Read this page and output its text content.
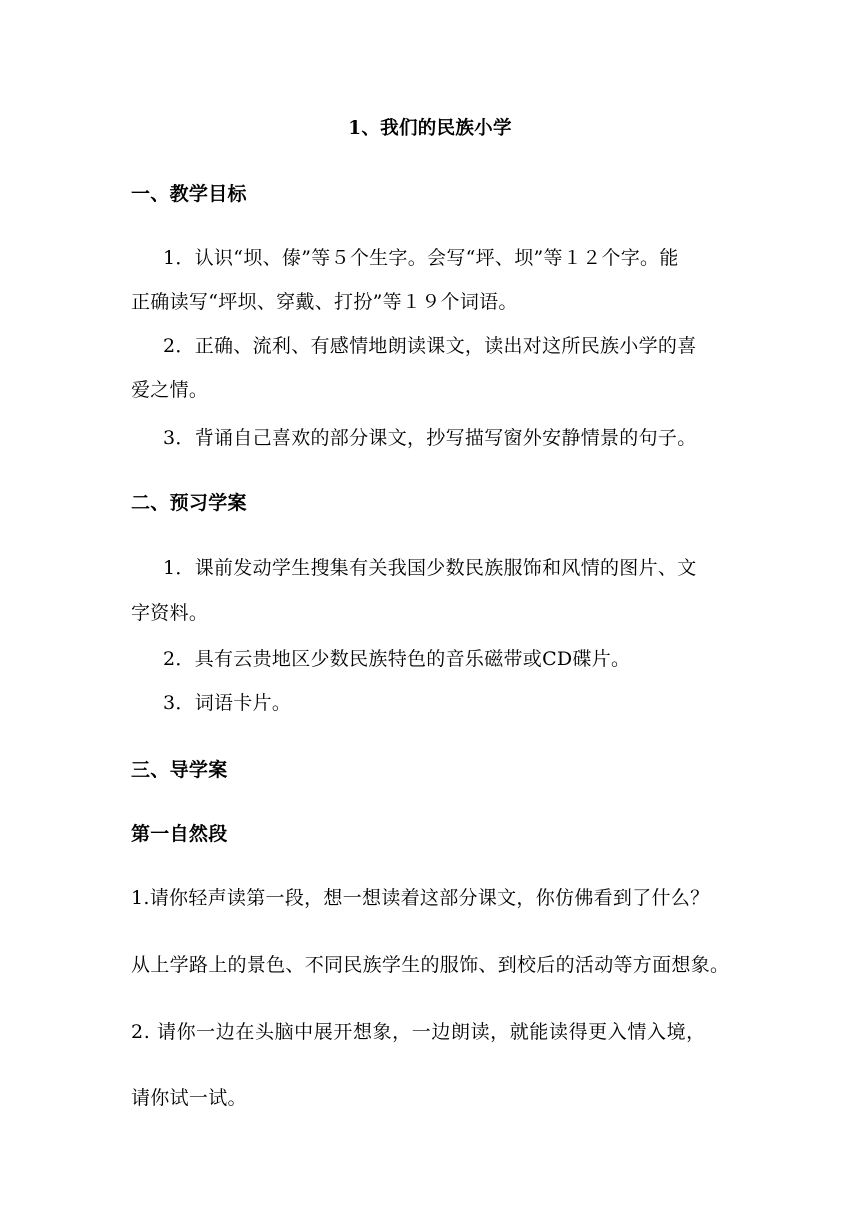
1、我们的民族小学
一、教学目标
1．认识“坝、傣”等５个生字。会写“坪、坝”等１２个字。能
正确读写“坪坝、穿戴、打扮”等１９个词语。
2．正确、流利、有感情地朗读课文，读出对这所民族小学的喜
爱之情。
3．背诵自己喜欢的部分课文，抄写描写窗外安静情景的句子。
二、预习学案
1．课前发动学生搜集有关我国少数民族服饰和风情的图片、文
字资料。
2．具有云贵地区少数民族特色的音乐磁带或CD碟片。
3．词语卡片。
三、导学案
第一自然段
1.请你轻声读第一段，想一想读着这部分课文，你仿佛看到了什么？
从上学路上的景色、不同民族学生的服饰、到校后的活动等方面想象。
2. 请你一边在头脑中展开想象，一边朗读，就能读得更入情入境，
请你试一试。
